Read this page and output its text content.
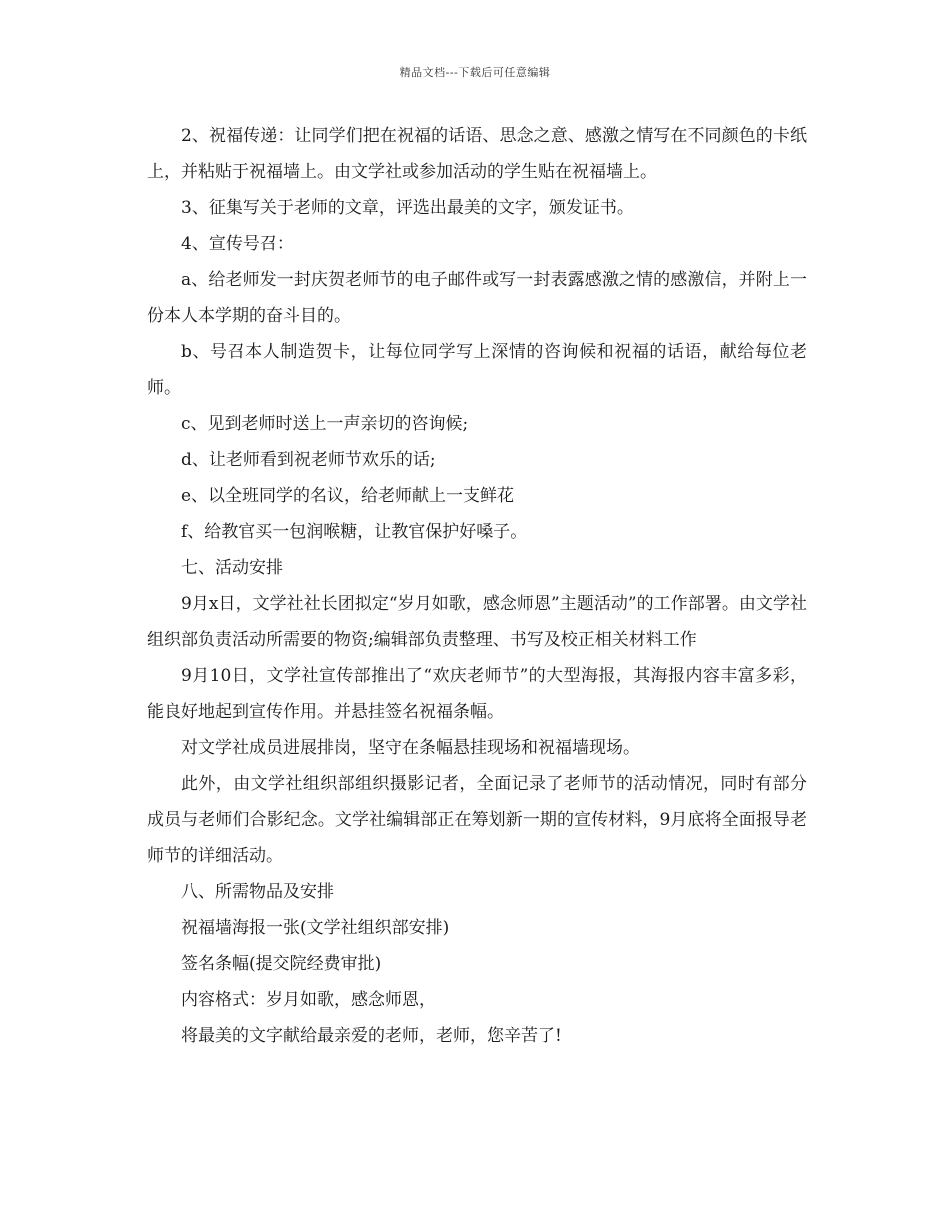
精品文档---下载后可任意编辑

2、祝福传递：让同学们把在祝福的话语、思念之意、感激之情写在不同颜色的卡纸上，并粘贴于祝福墙上。由文学社或参加活动的学生贴在祝福墙上。

3、征集写关于老师的文章，评选出最美的文字，颁发证书。

4、宣传号召：

a、给老师发一封庆贺老师节的电子邮件或写一封表露感激之情的感激信，并附上一份本人本学期的奋斗目的。

b、号召本人制造贺卡，让每位同学写上深情的咨询候和祝福的话语，献给每位老师。

c、见到老师时送上一声亲切的咨询候;

d、让老师看到祝老师节欢乐的话;

e、以全班同学的名议，给老师献上一支鲜花

f、给教官买一包润喉糖，让教官保护好嗓子。

七、活动安排

9月x日，文学社社长团拟定“岁月如歌，感念师恩”主题活动”的工作部署。由文学社组织部负责活动所需要的物资;编辑部负责整理、书写及校正相关材料工作

9月10日，文学社宣传部推出了“欢庆老师节”的大型海报，其海报内容丰富多彩，能良好地起到宣传作用。并悬挂签名祝福条幅。

对文学社成员进展排岗，坚守在条幅悬挂现场和祝福墙现场。

此外，由文学社组织部组织摄影记者，全面记录了老师节的活动情况，同时有部分成员与老师们合影纪念。文学社编辑部正在筹划新一期的宣传材料，9月底将全面报导老师节的详细活动。

八、所需物品及安排

祝福墙海报一张(文学社组织部安排)

签名条幅(提交院经费审批)

内容格式：岁月如歌，感念师恩，

将最美的文字献给最亲爱的老师，老师，您辛苦了!
